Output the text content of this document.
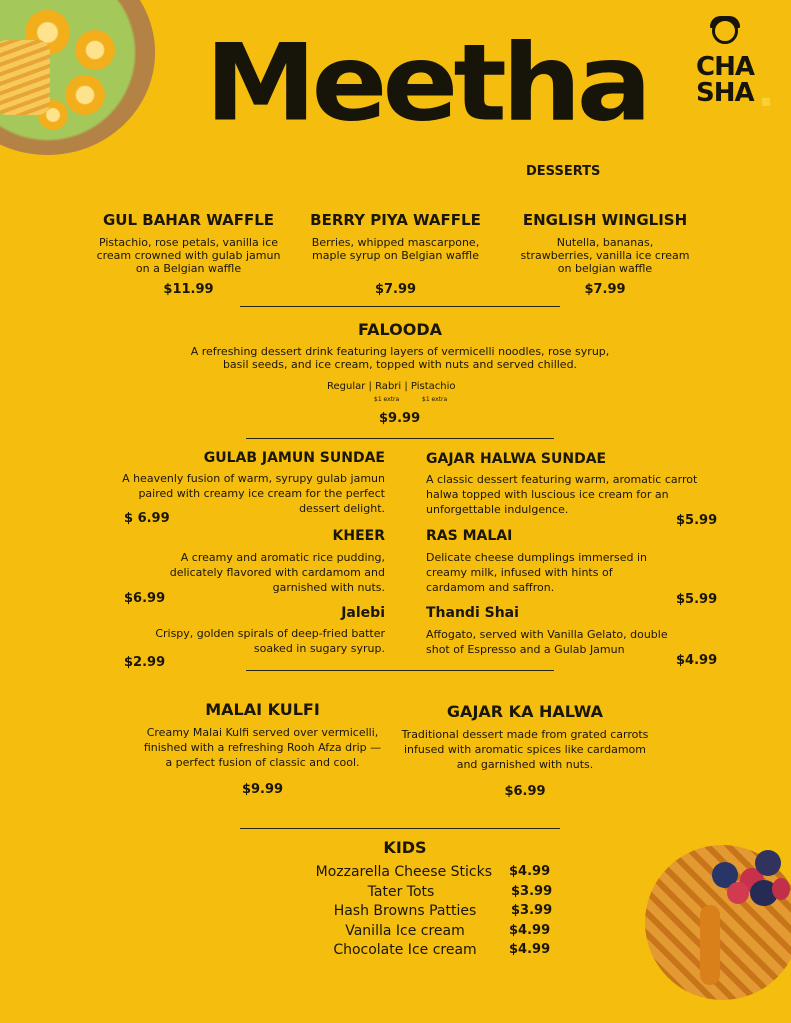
Meetha
DESSERTS
CHA
SHA
GUL BAHAR WAFFLE
Pistachio, rose petals, vanilla ice cream crowned with gulab jamun on a Belgian waffle
$11.99
BERRY PIYA WAFFLE
Berries, whipped mascarpone, maple syrup on Belgian waffle
$7.99
ENGLISH WINGLISH
Nutella, bananas, strawberries, vanilla ice cream on belgian waffle
$7.99
FALOODA
A refreshing dessert drink featuring layers of vermicelli noodles, rose syrup, basil seeds, and ice cream, topped with nuts and served chilled.
Regular | Rabri | Pistachio
$1 extra	$1 extra
$9.99
GULAB JAMUN SUNDAE
A heavenly fusion of warm, syrupy gulab jamun paired with creamy ice cream for the perfect dessert delight.
$ 6.99
KHEER
A creamy and aromatic rice pudding, delicately flavored with cardamom and garnished with nuts.
$6.99
Jalebi
Crispy, golden spirals of deep-fried batter soaked in sugary syrup.
$2.99
GAJAR HALWA SUNDAE
A classic dessert featuring warm, aromatic carrot halwa topped with luscious ice cream for an unforgettable indulgence.
$5.99
RAS MALAI
Delicate cheese dumplings immersed in creamy milk, infused with hints of cardamom and saffron.
$5.99
Thandi Shai
Affogato, served with Vanilla Gelato, double shot of Espresso and a Gulab Jamun
$4.99
MALAI KULFI
Creamy Malai Kulfi served over vermicelli, finished with a refreshing Rooh Afza drip — a perfect fusion of classic and cool.
$9.99
GAJAR KA HALWA
Traditional dessert made from grated carrots infused with aromatic spices like cardamom and garnished with nuts.
$6.99
KIDS
Mozzarella Cheese Sticks $4.99
Tater Tots	$3.99
Hash Browns Patties	$3.99
Vanilla Ice cream	$4.99
Chocolate Ice cream	$4.99
